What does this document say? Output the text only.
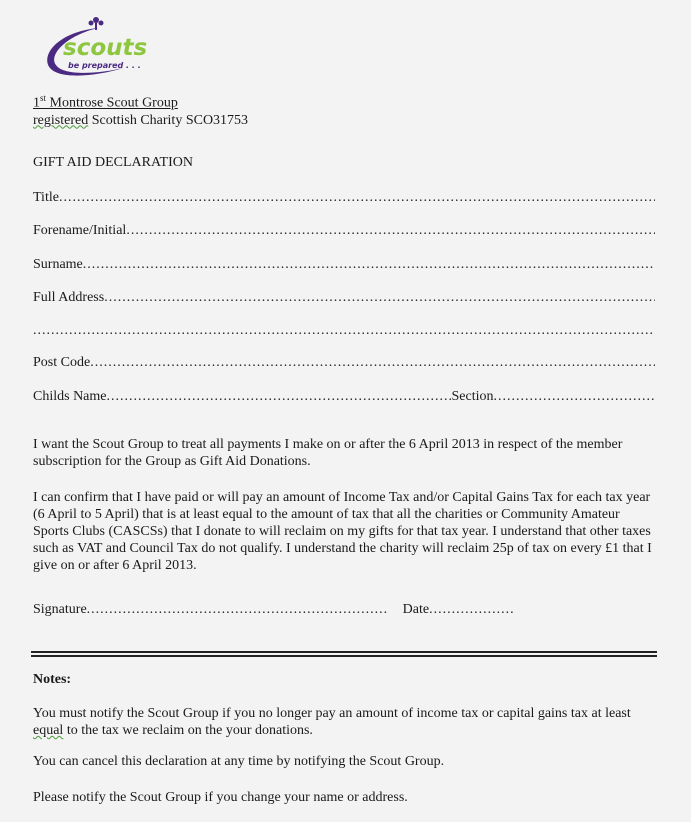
scouts
be prepared . . .
1st Montrose Scout Group
registered Scottish Charity SCO31753
GIFT AID DECLARATION
Title
.....
Forename/Initial
.....
Surname
.....
Full Address
.....
.....
Post Code
.....
Childs Name .....	Section
.....
I want the Scout Group to treat all payments I make on or after the 6 April 2013 in respect of the member subscription for the Group as Gift Aid Donations.
I can confirm that I have paid or will pay an amount of Income Tax and/or Capital Gains Tax for each tax year (6 April to 5 April) that is at least equal to the amount of tax that all the charities or Community Amateur Sports Clubs (CASCSs) that I donate to will reclaim on my gifts for that tax year. I understand that other taxes such as VAT and Council Tax do not qualify. I understand the charity will reclaim 25p of tax on every £1 that I give on or after 6 April 2013.
Signature .....	Date
.....
Notes:
You must notify the Scout Group if you no longer pay an amount of income tax or capital gains tax at least
equal to the tax we reclaim on the your donations.
You can cancel this declaration at any time by notifying the Scout Group.
Please notify the Scout Group if you change your name or address.
